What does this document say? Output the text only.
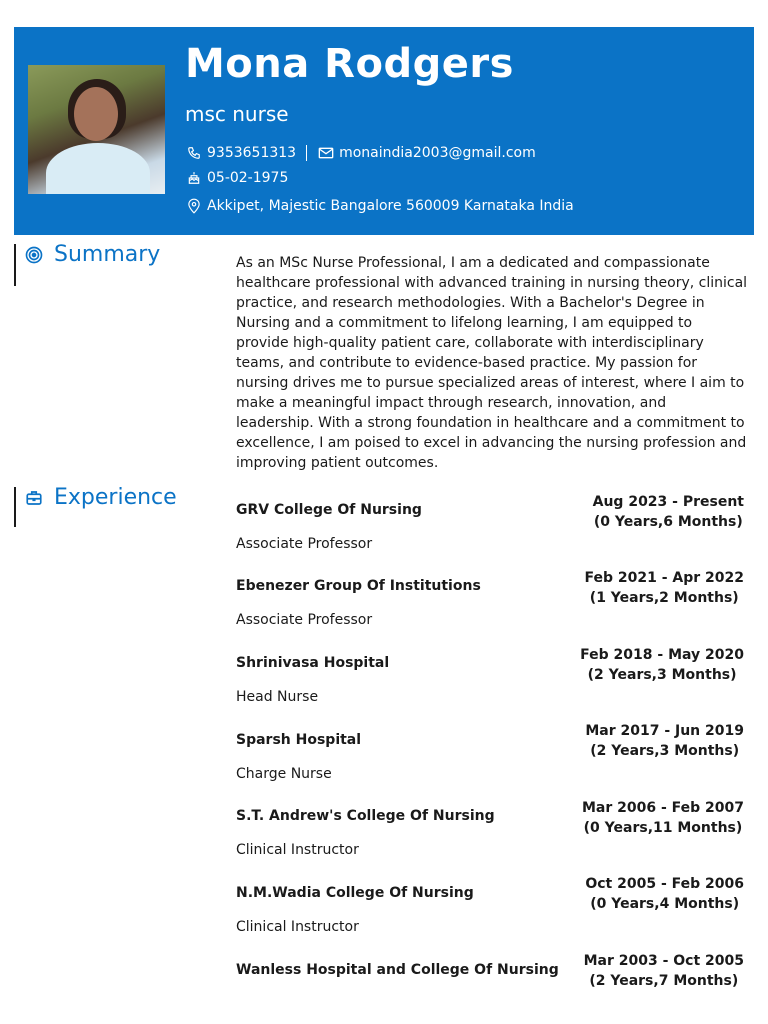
Mona Rodgers
msc nurse
9353651313	monaindia2003@gmail.com
05-02-1975
Akkipet, Majestic Bangalore 560009 Karnataka India
Summary	As an MSc Nurse Professional, I am a dedicated and compassionate healthcare professional with advanced training in nursing theory, clinical practice, and research methodologies. With a Bachelor's Degree in Nursing and a commitment to lifelong learning, I am equipped to provide high-quality patient care, collaborate with interdisciplinary teams, and contribute to evidence-based practice. My passion for nursing drives me to pursue specialized areas of interest, where I aim to make a meaningful impact through research, innovation, and leadership. With a strong foundation in healthcare and a commitment to excellence, I am poised to excel in advancing the nursing profession and improving patient outcomes.
Experience	GRV College Of Nursing	Aug 2023 - Present
(0 Years,6 Months)
Associate Professor
Ebenezer Group Of Institutions	Feb 2021 - Apr 2022
(1 Years,2 Months)
Associate Professor
Shrinivasa Hospital	Feb 2018 - May 2020
(2 Years,3 Months)
Head Nurse
Sparsh Hospital
Mar 2017 - Jun 2019
(2 Years,3 Months)
Charge Nurse
S.T. Andrew's College Of Nursing	Mar 2006 - Feb 2007
(0 Years,11 Months)
Clinical Instructor
N.M.Wadia College Of Nursing
Oct 2005 - Feb 2006
(0 Years,4 Months)
Clinical Instructor
Wanless Hospital and College Of Nursing
Mar 2003 - Oct 2005
(2 Years,7 Months)
